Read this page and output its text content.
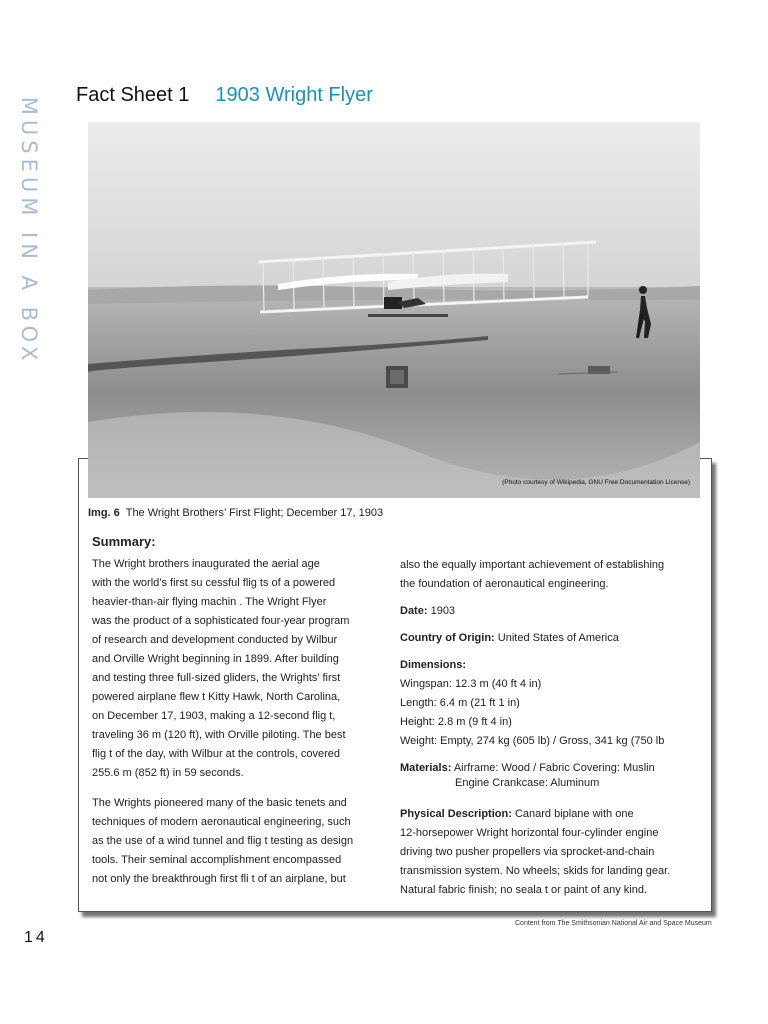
MUSEUM IN A BOX
Fact Sheet 1 1903 Wright Flyer
(Photo courtesy of Wikipedia, GNU Free Documentation License)
Img. 6 The Wright Brothers’ First Flight; December 17, 1903
Summary:

The Wright brothers inaugurated the aerial age

with the world’s first su cessful flig ts of a powered

heavier-than-air flying machin . The Wright Flyer

was the product of a sophisticated four-year program

of research and development conducted by Wilbur

and Orville Wright beginning in 1899. After building

and testing three full-sized gliders, the Wrights’ first

powered airplane flew t Kitty Hawk, North Carolina,

on December 17, 1903, making a 12-second flig t,

traveling 36 m (120 ft), with Orville piloting. The best

flig t of the day, with Wilbur at the controls, covered

255.6 m (852 ft) in 59 seconds.

The Wrights pioneered many of the basic tenets and

techniques of modern aeronautical engineering, such

as the use of a wind tunnel and flig t testing as design

tools. Their seminal accomplishment encompassed

not only the breakthrough first fli t of an airplane, but

also the equally important achievement of establishing

the foundation of aeronautical engineering.

Date: 1903

Country of Origin: United States of America

Dimensions:

Wingspan: 12.3 m (40 ft 4 in)

Length: 6.4 m (21 ft 1 in)

Height: 2.8 m (9 ft 4 in)

Weight: Empty, 274 kg (605 lb) / Gross, 341 kg (750 lb

Materials: Airframe: Wood / Fabric Covering: Muslin

Engine Crankcase: Aluminum

Physical Description: Canard biplane with one

12-horsepower Wright horizontal four-cylinder engine

driving two pusher propellers via sprocket-and-chain

transmission system. No wheels; skids for landing gear.

Natural fabric finish; no seala t or paint of any kind.

Content from The Smithsonian National Air and Space Museum
14
